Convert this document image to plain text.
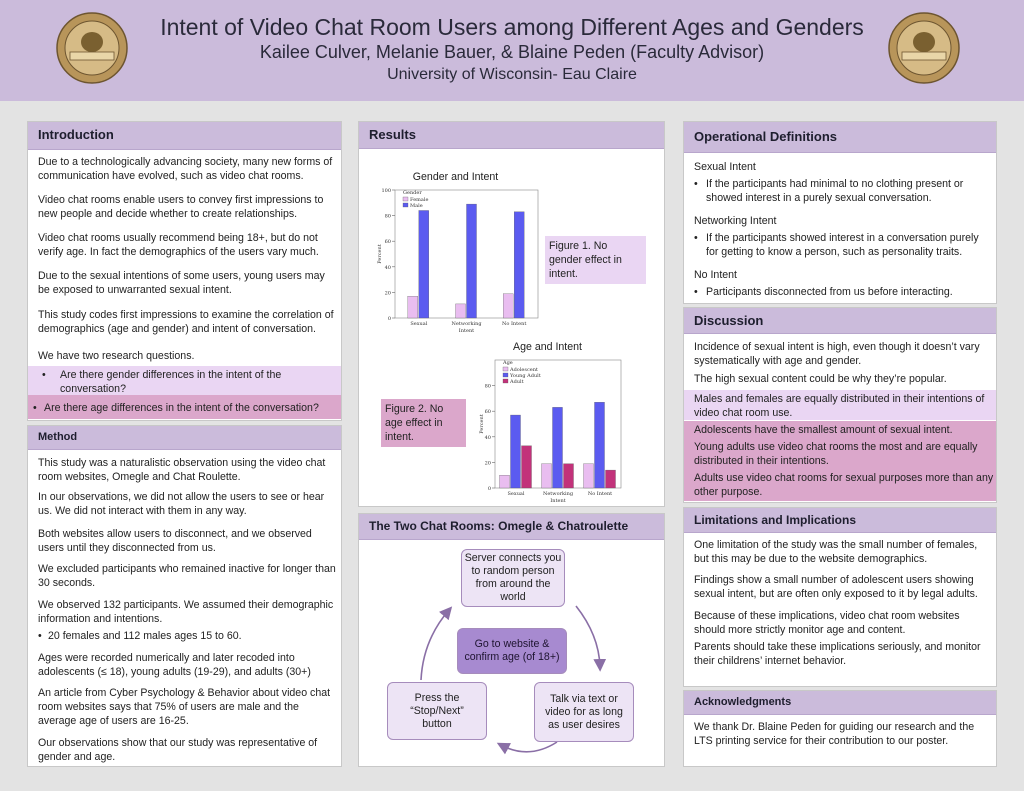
Intent of Video Chat Room Users among Different Ages and Genders
Kailee Culver, Melanie Bauer, & Blaine Peden (Faculty Advisor)
University of Wisconsin- Eau Claire
Introduction
Due to a technologically advancing society, many new forms of communication have evolved, such as video chat rooms.
Video chat rooms enable users to convey first impressions to new people and decide whether to create relationships.
Video chat rooms usually recommend being 18+, but do not verify age. In fact the demographics of the users vary much.
Due to the sexual intentions of some users, young users may be exposed to unwarranted sexual intent.
This study codes first impressions to examine the correlation of demographics (age and gender) and intent of conversation.
We have two research questions.
• Are there gender differences in the intent of the conversation?
• Are there age differences in the intent of the conversation?
Method
This study was a naturalistic observation using the video chat room websites, Omegle and Chat Roulette.
In our observations, we did not allow the users to see or hear us. We did not interact with them in any way.
Both websites allow users to disconnect, and we observed users until they disconnected from us.
We excluded participants who remained inactive for longer than 30 seconds.
We observed 132 participants. We assumed their demographic information and intentions.
• 20 females and 112 males ages 15 to 60.
Ages were recorded numerically and later recoded into adolescents (≤ 18), young adults (19-29), and adults (30+)
An article from Cyber Psychology & Behavior about video chat room websites says that 75% of users are male and the average age of users are 16-25.
Our observations show that our study was representative of gender and age.
Results
Gender and Intent
0
20
40
60
80
100
Sexual	Networking	No Intent
Intent
Percent
Gender
Female
Male
Figure 1. No gender effect in intent.
Age and Intent
0
20
40
60
80
Sexual	Networking	No Intent
Intent
Percent
Age
Adolescent
Young Adult
Adult
Figure 2. No age effect in intent.
The Two Chat Rooms: Omegle & Chatroulette
Server connects you to random person from around the world
Go to website & confirm age (of 18+)
Press the “Stop/Next” button
Talk via text or video for as long as user desires
Operational Definitions
Sexual Intent
• If the participants had minimal to no clothing present or showed interest in a purely sexual conversation.
Networking Intent
• If the participants showed interest in a conversation purely for getting to know a person, such as personality traits.
No Intent
• Participants disconnected from us before interacting.
Discussion
Incidence of sexual intent is high, even though it doesn’t vary systematically with age and gender.
The high sexual content could be why they’re popular.
Males and females are equally distributed in their intentions of video chat room use.
Adolescents have the smallest amount of sexual intent.
Young adults use video chat rooms the most and are equally distributed in their intentions.
Adults use video chat rooms for sexual purposes more than any other purpose.
Limitations and Implications
One limitation of the study was the small number of females, but this may be due to the website demographics.
Findings show a small number of adolescent users showing sexual intent, but are often only exposed to it by legal adults.
Because of these implications, video chat room websites should more strictly monitor age and content.
Parents should take these implications seriously, and monitor their childrens’ internet behavior.
Acknowledgments
We thank Dr. Blaine Peden for guiding our research and the LTS printing service for their contribution to our poster.
